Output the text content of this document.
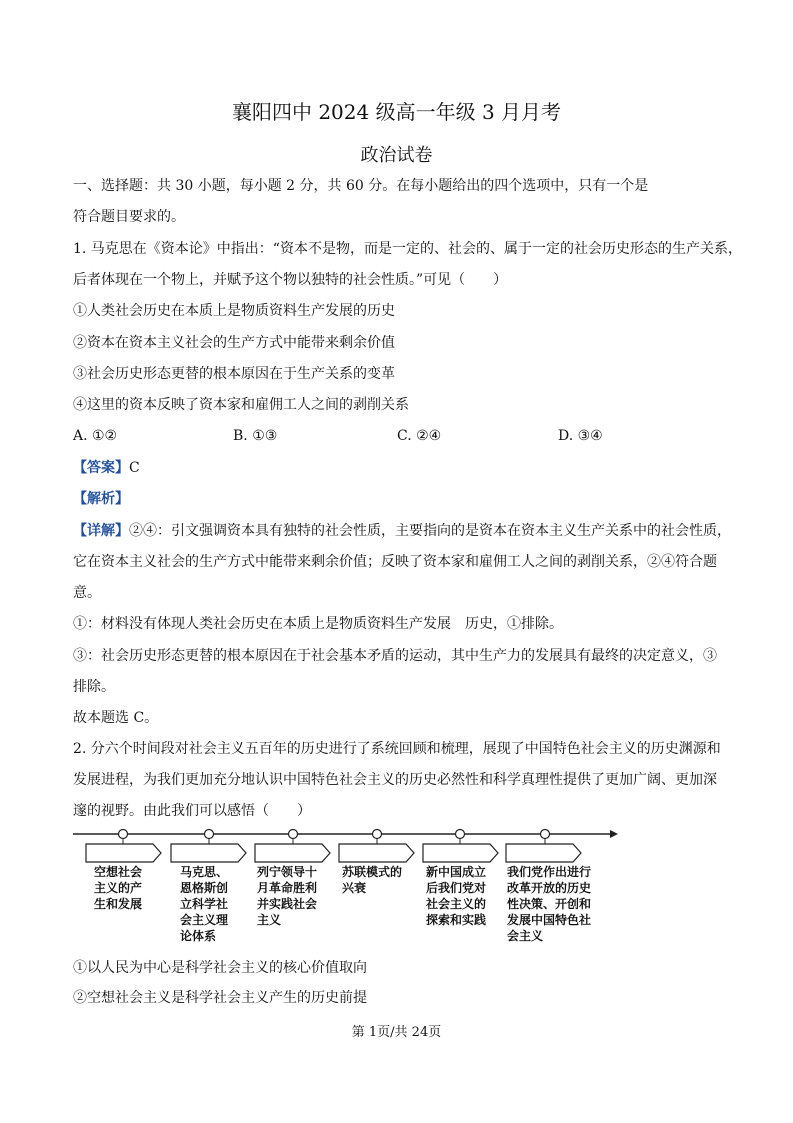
襄阳四中 2024 级高一年级 3 月月考
政治试卷
一、选择题：共 30 小题，每小题 2 分，共 60 分。在每小题给出的四个选项中，只有一个是
符合题目要求的。
1. 马克思在《资本论》中指出：“资本不是物，而是一定的、社会的、属于一定的社会历史形态的生产关系，
后者体现在一个物上，并赋予这个物以独特的社会性质。”可见（　　）
①人类社会历史在本质上是物质资料生产发展的历史
②资本在资本主义社会的生产方式中能带来剩余价值
③社会历史形态更替的根本原因在于生产关系的变革
④这里的资本反映了资本家和雇佣工人之间的剥削关系
A. ①②	B. ①③	C. ②④	D. ③④
【答案】C
【解析】
【详解】②④：引文强调资本具有独特的社会性质，主要指向的是资本在资本主义生产关系中的社会性质，
它在资本主义社会的生产方式中能带来剩余价值；反映了资本家和雇佣工人之间的剥削关系，②④符合题
意。
①：材料没有体现人类社会历史在本质上是物质资料生产发展　历史，①排除。
③：社会历史形态更替的根本原因在于社会基本矛盾的运动，其中生产力的发展具有最终的决定意义，③
排除。
故本题选 C。
2. 分六个时间段对社会主义五百年的历史进行了系统回顾和梳理，展现了中国特色社会主义的历史渊源和
发展进程，为我们更加充分地认识中国特色社会主义的历史必然性和科学真理性提供了更加广阔、更加深
邃的视野。由此我们可以感悟（　　）
空想社会
主义的产
生和发展
马克思、
恩格斯创
立科学社
会主义理
论体系
列宁领导十
月革命胜利
并实践社会
主义
苏联模式的
兴衰
新中国成立
后我们党对
社会主义的
探索和实践
我们党作出进行
改革开放的历史
性决策、开创和
发展中国特色社
会主义
①以人民为中心是科学社会主义的核心价值取向
②空想社会主义是科学社会主义产生的历史前提
第 1页/共 24页
